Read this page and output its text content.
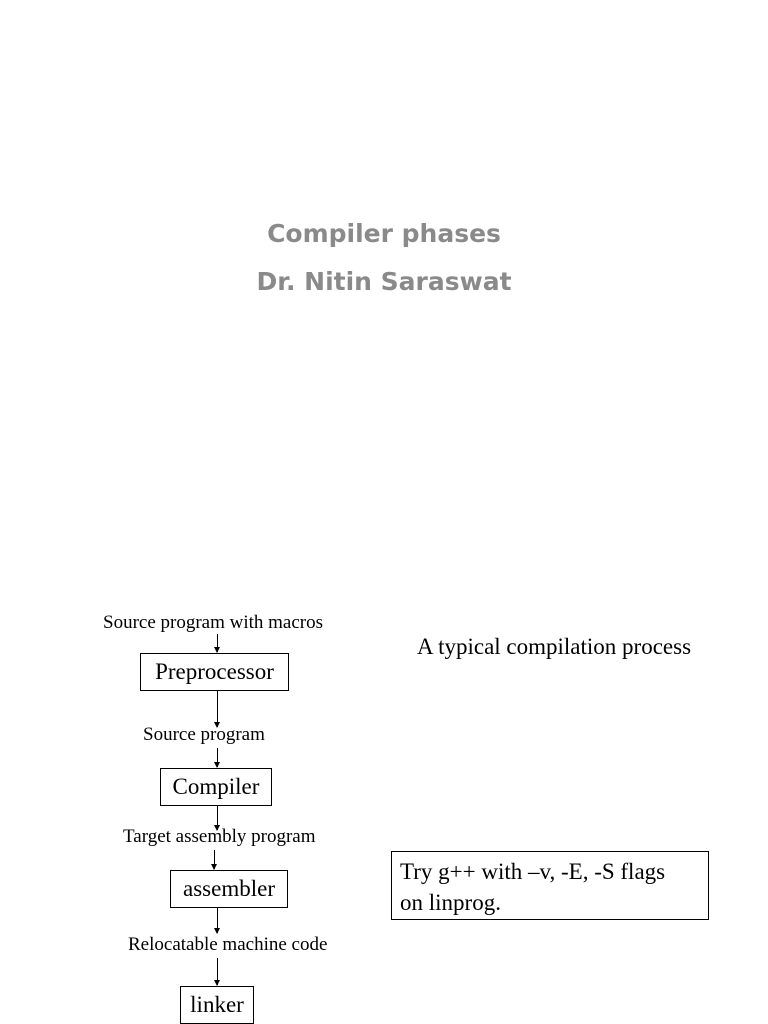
Compiler phases
Dr. Nitin Saraswat
Source program with macros
Preprocessor
Source program
Compiler
Target assembly program
assembler
Relocatable machine code
linker
A typical compilation process
Try g++ with –v, -E, -S flags
on linprog.
